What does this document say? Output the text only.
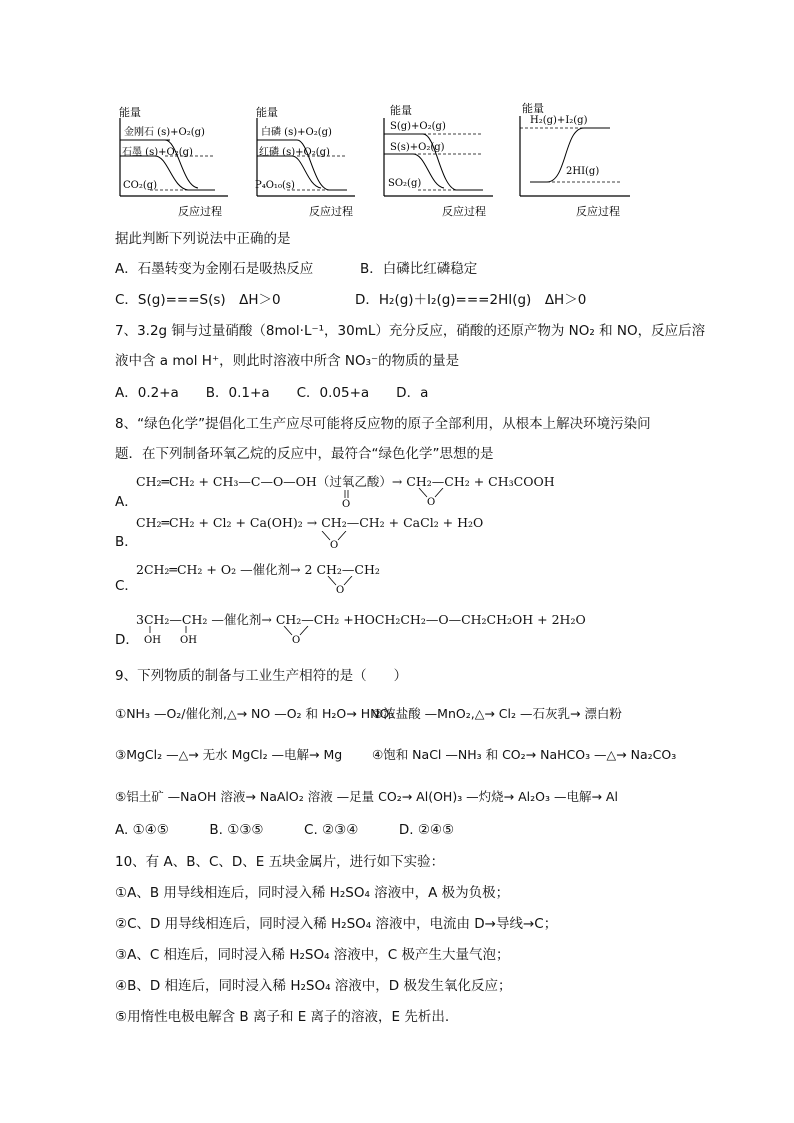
能量
金刚石 (s)+O₂(g)
石墨 (s)+O₂(g)
CO₂(g)
反应过程
能量
白磷 (s)+O₂(g)
红磷 (s)+O₂(g)
P₄O₁₀(s)
反应过程
能量
S(g)+O₂(g)
S(s)+O₂(g)
SO₂(g)
反应过程
能量
H₂(g)+I₂(g)
2HI(g)
反应过程
据此判断下列说法中正确的是
A．石墨转变为金刚石是吸热反应	B．白磷比红磷稳定
C．S(g)===S(s)　ΔH＞0	D．H₂(g)＋I₂(g)===2HI(g)　ΔH＞0
7、3.2g 铜与过量硝酸（8mol·L⁻¹，30mL）充分反应，硝酸的还原产物为 NO₂ 和 NO，反应后溶
液中含 a mol H⁺，则此时溶液中所含 NO₃⁻的物质的量是
A．0.2+a　　B．0.1+a　　C．0.05+a　　D．a
8、“绿色化学”提倡化工生产应尽可能将反应物的原子全部利用，从根本上解决环境污染问
题．在下列制备环氧乙烷的反应中，最符合“绿色化学”思想的是
A．
CH₂═CH₂ + CH₃—C—O—OH（过氧乙酸）→ CH₂—CH₂ + CH₃COOH
O	O
B．
CH₂═CH₂ + Cl₂ + Ca(OH)₂ → CH₂—CH₂ + CaCl₂ + H₂O
O
C．
2CH₂═CH₂ + O₂ —催化剂→ 2 CH₂—CH₂
O
D．
3CH₂—CH₂ —催化剂→ CH₂—CH₂ +HOCH₂CH₂—O—CH₂CH₂OH + 2H₂O
OH OH	O
9、下列物质的制备与工业生产相符的是（　　）
①NH₃ —O₂/催化剂,△→ NO —O₂ 和 H₂O→ HNO₃
②浓盐酸 —MnO₂,△→ Cl₂ —石灰乳→ 漂白粉
③MgCl₂ —△→ 无水 MgCl₂ —电解→ Mg ④饱和 NaCl —NH₃ 和 CO₂→ NaHCO₃ —△→ Na₂CO₃
⑤铝土矿 —NaOH 溶液→ NaAlO₂ 溶液 —足量 CO₂→ Al(OH)₃ —灼烧→ Al₂O₃ —电解→ Al
A. ①④⑤　　　B. ①③⑤　　　C. ②③④　　　D. ②④⑤
10、有 A、B、C、D、E 五块金属片，进行如下实验：
①A、B 用导线相连后，同时浸入稀 H₂SO₄ 溶液中，A 极为负极；
②C、D 用导线相连后，同时浸入稀 H₂SO₄ 溶液中，电流由 D→导线→C；
③A、C 相连后，同时浸入稀 H₂SO₄ 溶液中，C 极产生大量气泡；
④B、D 相连后，同时浸入稀 H₂SO₄ 溶液中，D 极发生氧化反应；
⑤用惰性电极电解含 B 离子和 E 离子的溶液，E 先析出.
